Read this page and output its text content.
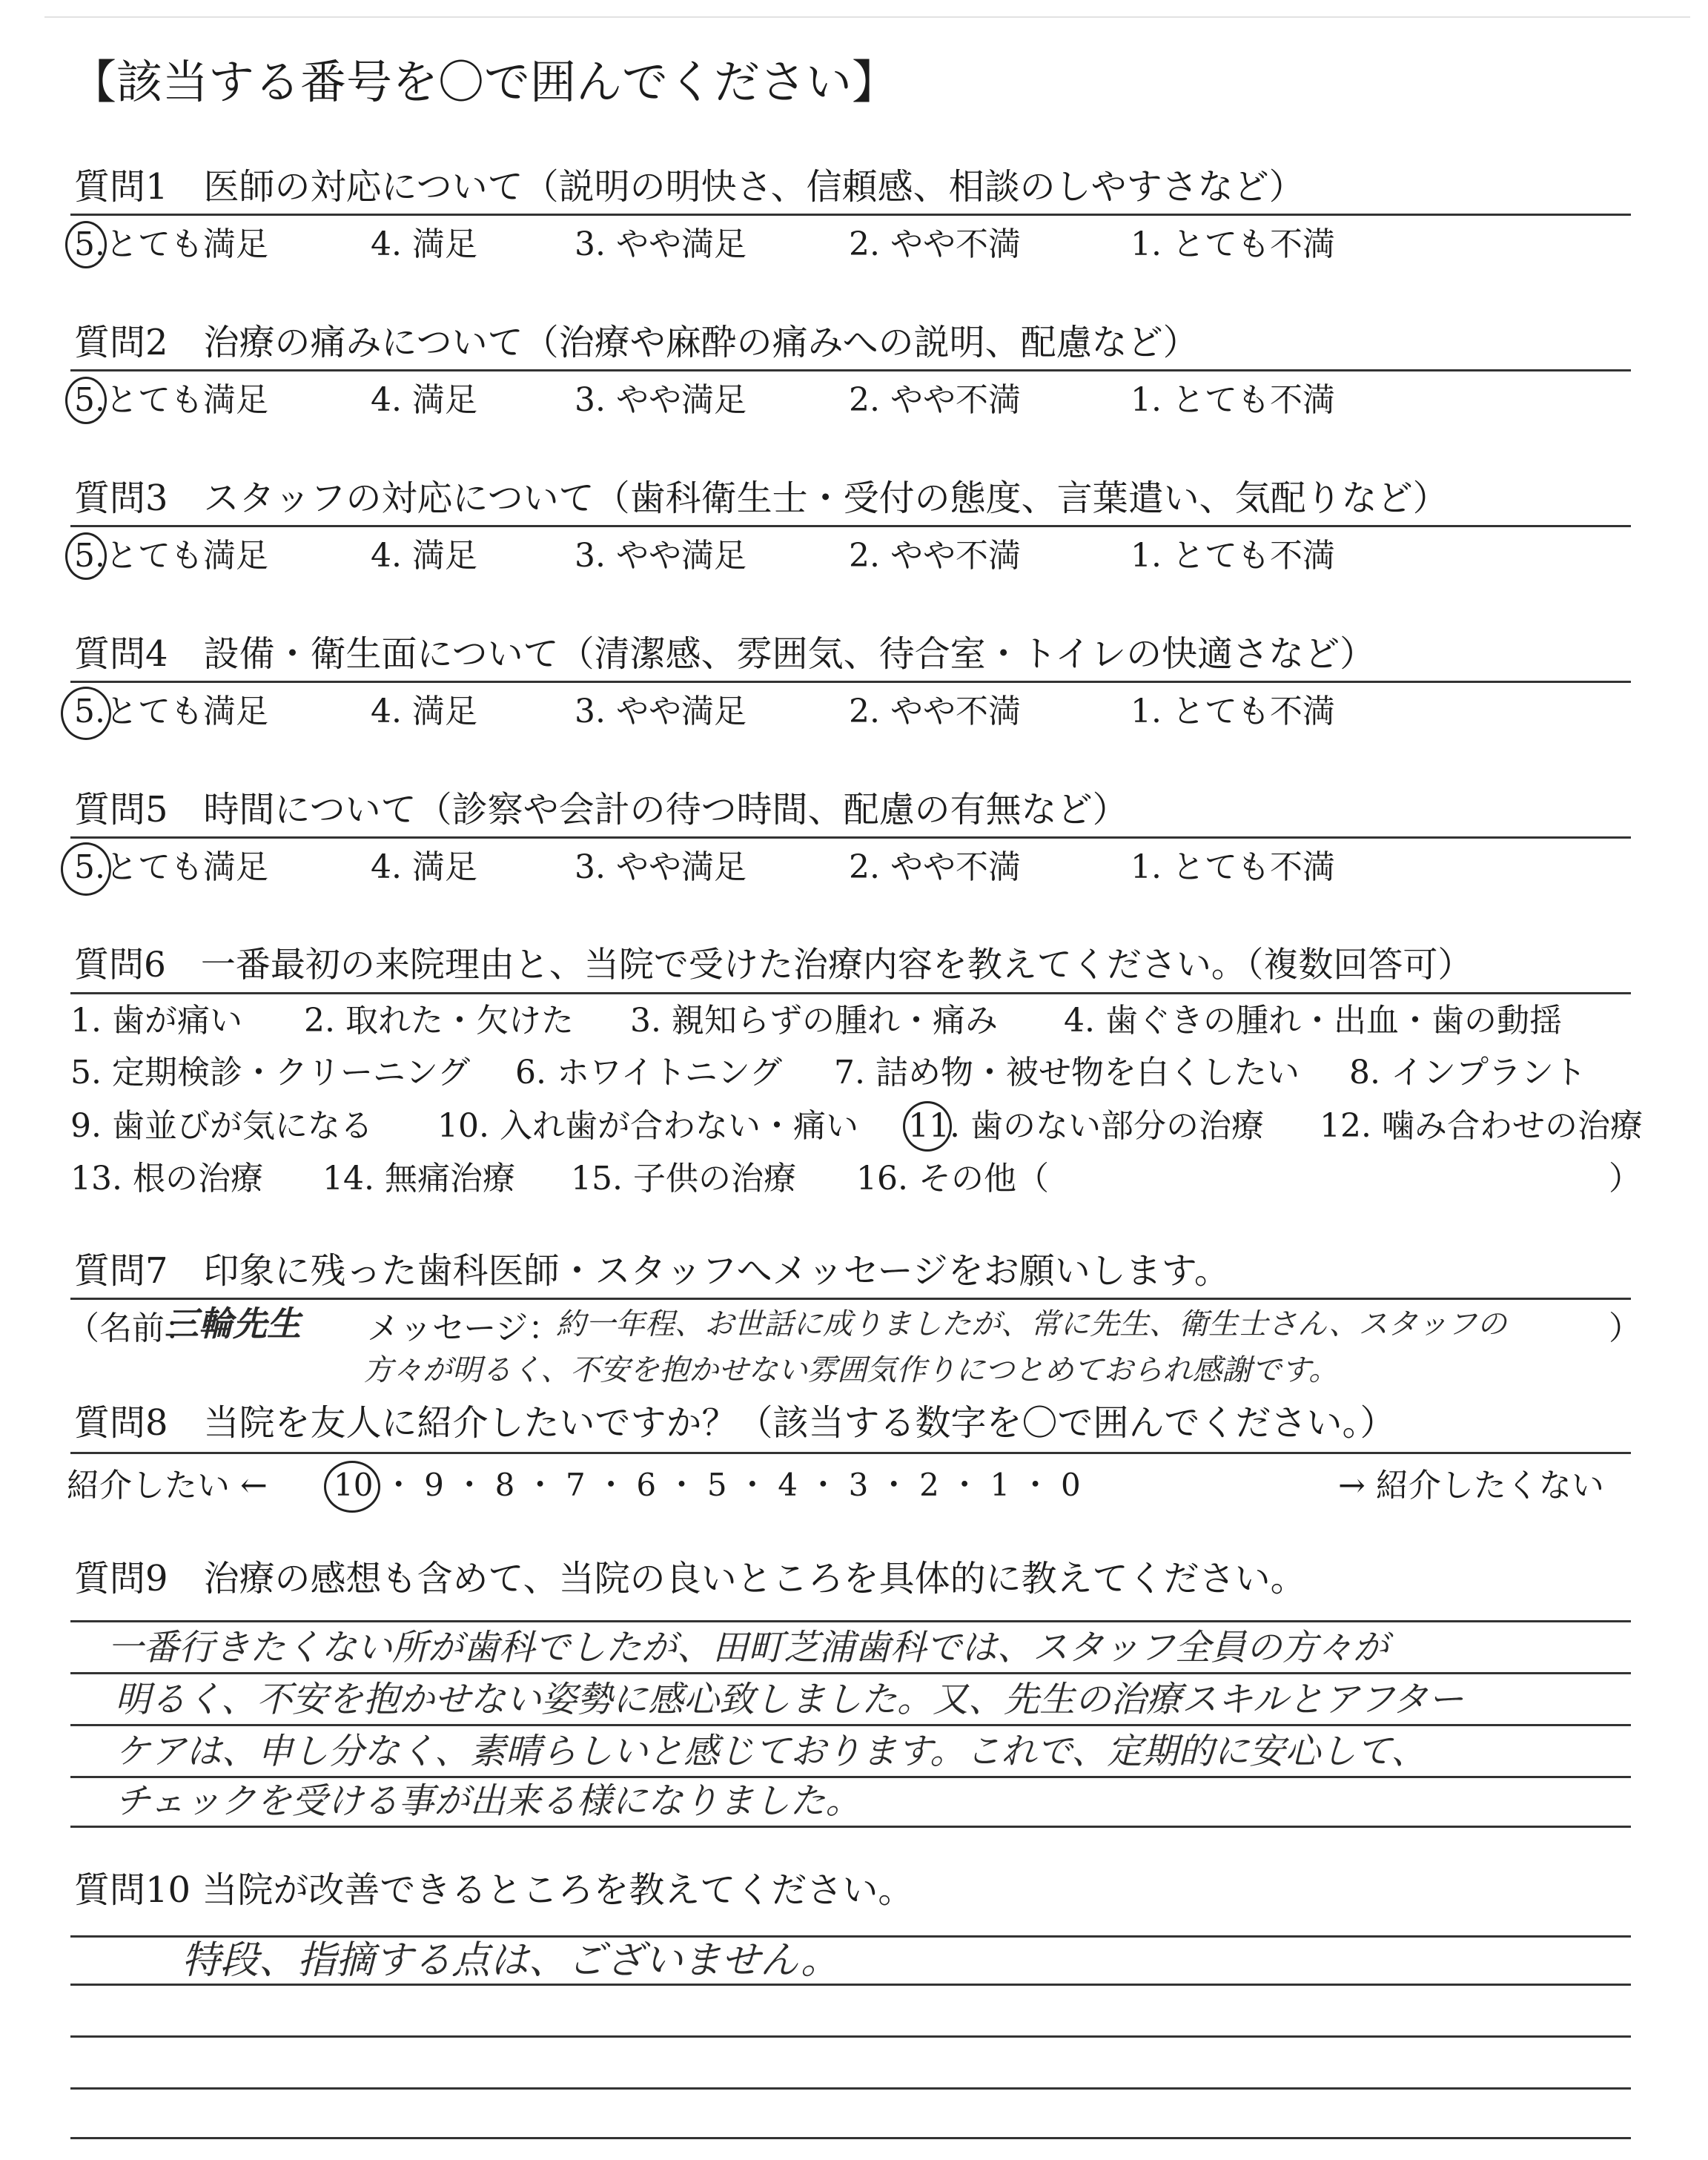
【該当する番号を〇で囲んでください】
質問1　医師の対応について（説明の明快さ、信頼感、相談のしやすさなど）
5.とても満足	4. 満足	3. やや満足	2. やや不満	1. とても不満
質問2　治療の痛みについて（治療や麻酔の痛みへの説明、配慮など）
5.とても満足	4. 満足	3. やや満足	2. やや不満	1. とても不満
質問3　スタッフの対応について（歯科衛生士・受付の態度、言葉遣い、気配りなど）
5.とても満足	4. 満足	3. やや満足	2. やや不満	1. とても不満
質問4　設備・衛生面について（清潔感、雰囲気、待合室・トイレの快適さなど）
5.とても満足	4. 満足	3. やや満足	2. やや不満	1. とても不満
質問5　時間について（診察や会計の待つ時間、配慮の有無など）
5.とても満足	4. 満足	3. やや満足	2. やや不満	1. とても不満
質問6　一番最初の来院理由と、当院で受けた治療内容を教えてください。（複数回答可）
1. 歯が痛い 2. 取れた・欠けた 3. 親知らずの腫れ・痛み 4. 歯ぐきの腫れ・出血・歯の動揺
5. 定期検診・クリーニング 6. ホワイトニング 7. 詰め物・被せ物を白くしたい 8. インプラント
9. 歯並びが気になる 10. 入れ歯が合わない・痛い 11. 歯のない部分の治療 12. 噛み合わせの治療
13. 根の治療 14. 無痛治療 15. 子供の治療 16. その他（	）
質問7　印象に残った歯科医師・スタッフへメッセージをお願いします。
（名前：
三輪先生 メッセージ：
約一年程、お世話に成りましたが、常に先生、衛生士さん、スタッフの	）
方々が明るく、不安を抱かせない雰囲気作りにつとめておられ感謝です。
質問8　当院を友人に紹介したいですか？（該当する数字を〇で囲んでください。）
紹介したい ← 10 ・ 9 ・ 8 ・ 7 ・ 6 ・ 5 ・ 4 ・ 3 ・ 2 ・ 1 ・ 0	→ 紹介したくない
質問9　治療の感想も含めて、当院の良いところを具体的に教えてください。
一番行きたくない所が歯科でしたが、田町芝浦歯科では、スタッフ全員の方々が
明るく、不安を抱かせない姿勢に感心致しました。又、先生の治療スキルとアフター
ケアは、申し分なく、素晴らしいと感じております。これで、定期的に安心して、
チェックを受ける事が出来る様になりました。
質問10 当院が改善できるところを教えてください。
特段、指摘する点は、ございません。
